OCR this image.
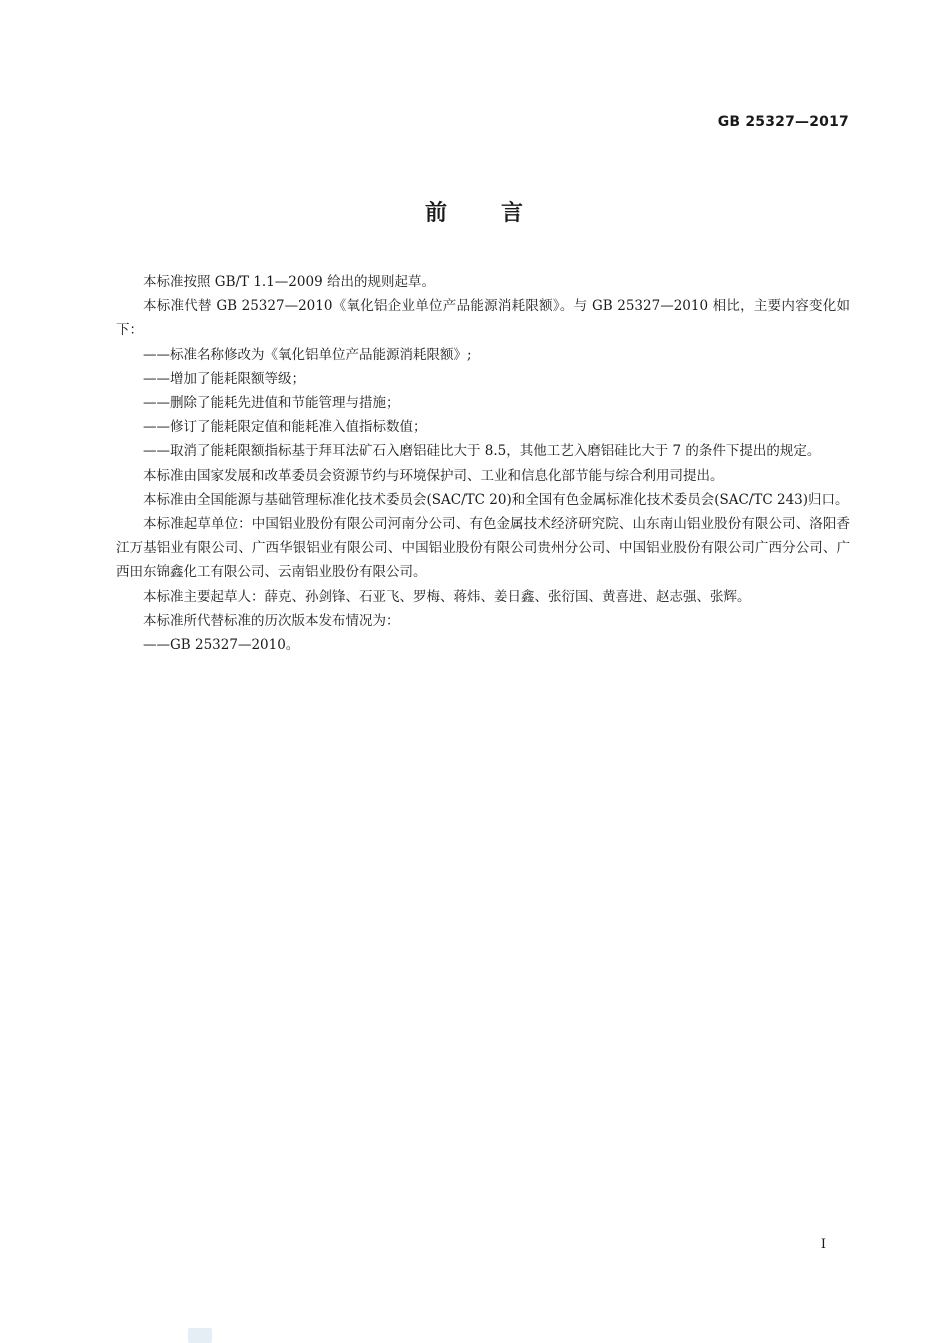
GB 25327—2017
前 言

本标准按照 GB/T 1.1—2009 给出的规则起草。

本标准代替 GB 25327—2010《氧化铝企业单位产品能源消耗限额》。与 GB 25327—2010 相比，主要内容变化如下：

——标准名称修改为《氧化铝单位产品能源消耗限额》;

——增加了能耗限额等级；

——删除了能耗先进值和节能管理与措施；

——修订了能耗限定值和能耗准入值指标数值；

——取消了能耗限额指标基于拜耳法矿石入磨铝硅比大于 8.5，其他工艺入磨铝硅比大于 7 的条件下提出的规定。

本标准由国家发展和改革委员会资源节约与环境保护司、工业和信息化部节能与综合利用司提出。

本标准由全国能源与基础管理标准化技术委员会(SAC/TC 20)和全国有色金属标准化技术委员会(SAC/TC 243)归口。

本标准起草单位：中国铝业股份有限公司河南分公司、有色金属技术经济研究院、山东南山铝业股份有限公司、洛阳香江万基铝业有限公司、广西华银铝业有限公司、中国铝业股份有限公司贵州分公司、中国铝业股份有限公司广西分公司、广西田东锦鑫化工有限公司、云南铝业股份有限公司。

本标准主要起草人：薛克、孙剑锋、石亚飞、罗梅、蒋炜、姜日鑫、张衍国、黄喜进、赵志强、张辉。

本标准所代替标准的历次版本发布情况为：

——GB 25327—2010。

I
